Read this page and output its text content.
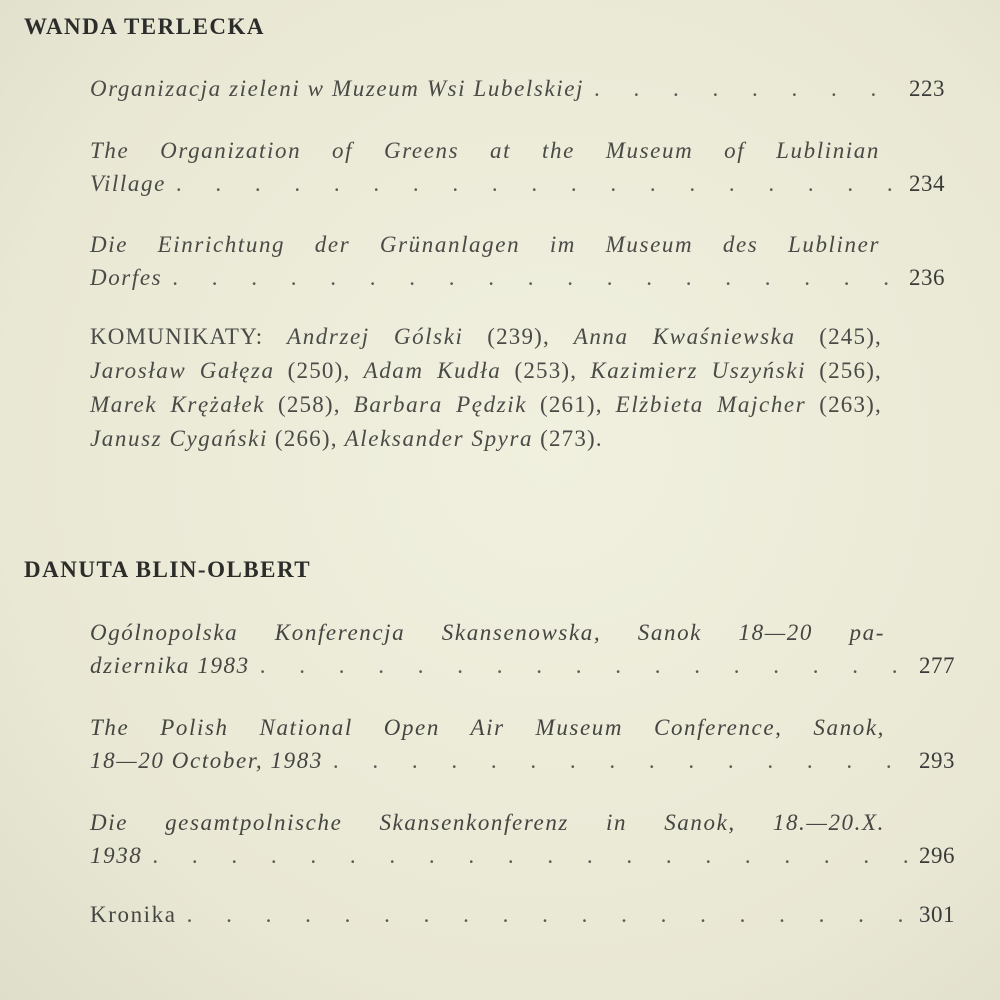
WANDA TERLECKA
Organizacja zieleni w Muzeum Wsi Lubelskiej . . .	223
The Organization of Greens at the Museum of Lublinian
Village . . .	234
Die Einrichtung der Grünanlagen im Museum des Lubliner
Dorfes . . .	236
KOMUNIKATY: Andrzej Gólski (239), Anna Kwaśniewska (245), Jarosław Gałęza (250), Adam Kudła (253), Kazimierz Uszyński (256), Marek Krężałek (258), Barbara Pędzik (261), Elżbieta Majcher (263), Janusz Cygański (266), Aleksander Spyra (273).
DANUTA BLIN-OLBERT
Ogólnopolska Konferencja Skansenowska, Sanok 18—20 pa-
dziernika 1983 . . .	277
The Polish National Open Air Museum Conference, Sanok,
18—20 October, 1983 . . .	293
Die gesamtpolnische Skansenkonferenz in Sanok, 18.—20.X.
1938 . . .	296
Kronika . . .	301
